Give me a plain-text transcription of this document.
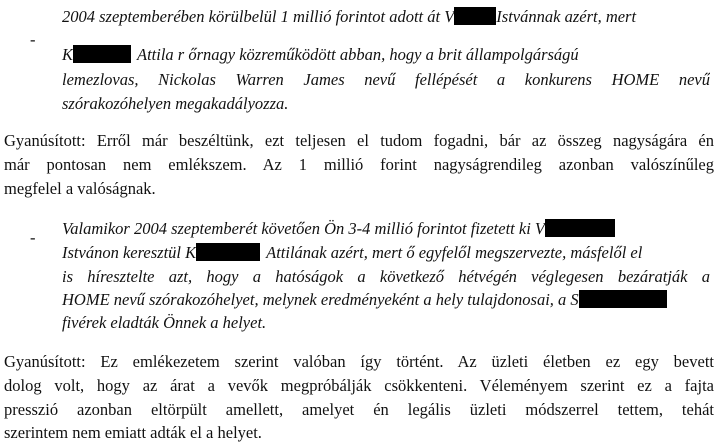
-
2004 szeptemberében körülbelül 1 millió forintot adott át V	Istvánnak azért, mert
K	Attila r őrnagy közreműködött abban, hogy a brit állampolgárságú
lemezlovas, Nickolas Warren James nevű fellépését a konkurens HOME nevű
szórakozóhelyen megakadályozza.
Gyanúsított: Erről már beszéltünk, ezt teljesen el tudom fogadni, bár az összeg nagyságára én
már pontosan nem emlékszem. Az 1 millió forint nagyságrendileg azonban valószínűleg
megfelel a valóságnak.
- Valamikor 2004 szeptemberét követően Ön 3-4 millió forintot fizetett ki V
Istvánon keresztül K	Attilának azért, mert ő egyfelől megszervezte, másfelől el
is híresztelte azt, hogy a hatóságok a következő hétvégén véglegesen bezáratják a
HOME nevű szórakozóhelyet, melynek eredményeként a hely tulajdonosai, a S
fivérek eladták Önnek a helyet.
Gyanúsított: Ez emlékezetem szerint valóban így történt. Az üzleti életben ez egy bevett
dolog volt, hogy az árat a vevők megpróbálják csökkenteni. Véleményem szerint ez a fajta
presszió azonban eltörpült amellett, amelyet én legális üzleti módszerrel tettem, tehát
szerintem nem emiatt adták el a helyet.
